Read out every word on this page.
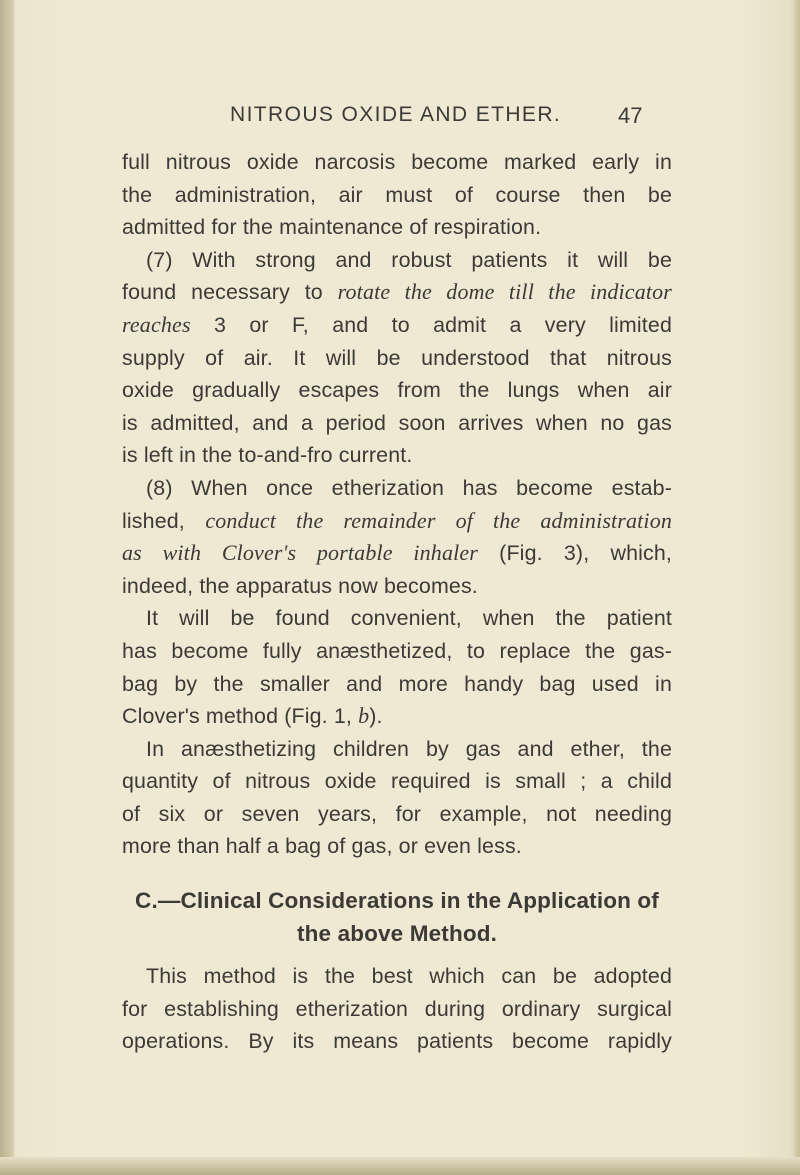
NITROUS OXIDE AND ETHER.	47
full nitrous oxide narcosis become marked early in
the administration, air must of course then be
admitted for the maintenance of respiration.
(7) With strong and robust patients it will be
found necessary to rotate the dome till the indicator
reaches 3 or F, and to admit a very limited
supply of air. It will be understood that nitrous
oxide gradually escapes from the lungs when air
is admitted, and a period soon arrives when no gas
is left in the to-and-fro current.
(8) When once etherization has become estab-
lished, conduct the remainder of the administration
as with Clover's portable inhaler (Fig. 3), which,
indeed, the apparatus now becomes.
It will be found convenient, when the patient
has become fully anæsthetized, to replace the gas-
bag by the smaller and more handy bag used in
Clover's method (Fig. 1, b).
In anæsthetizing children by gas and ether, the
quantity of nitrous oxide required is small ; a child
of six or seven years, for example, not needing
more than half a bag of gas, or even less.
C.—Clinical Considerations in the Application of
the above Method.
This method is the best which can be adopted
for establishing etherization during ordinary surgical
operations. By its means patients become rapidly
